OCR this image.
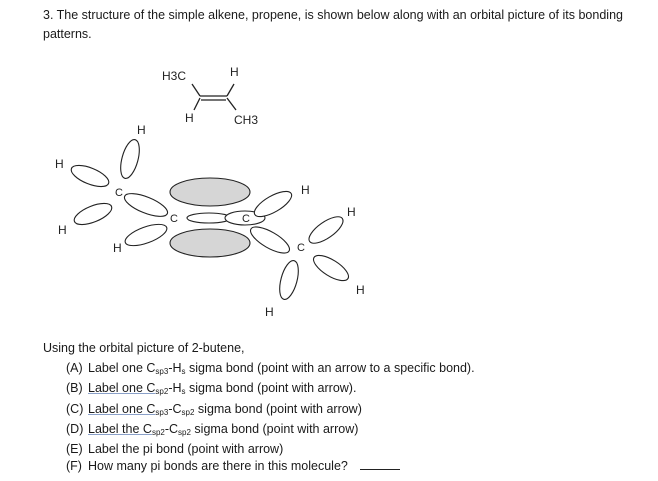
3. The structure of the simple alkene, propene, is shown below along with an orbital picture of its bonding patterns.
H3C	H
H	CH3
C
C	C
C
H
H
H
H
H
H
H
H
Using the orbital picture of 2-butene,
(A) Label one $C_{sp3}-H_s$ sigma bond (point with an arrow to a specific bond).
(B) Label one $C_{sp2}-H_s$ sigma bond (point with arrow).
(C) Label one $C_{sp3}-C_{sp2}$ sigma bond (point with arrow)
(D) Label the $C_{sp2}-C_{sp2}$ sigma bond (point with arrow)
(E) Label the pi bond (point with arrow)
(F) How many pi bonds are there in this molecule?
